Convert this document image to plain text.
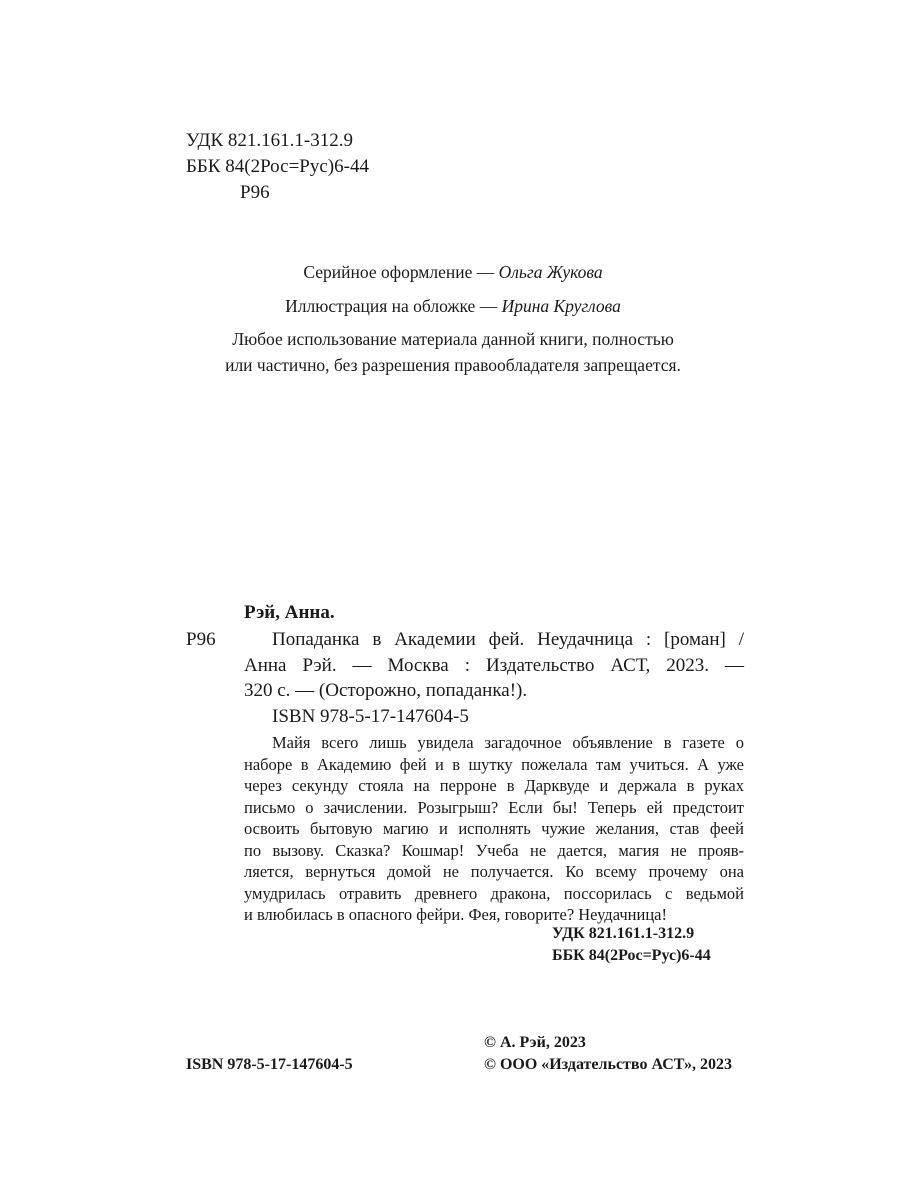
УДК 821.161.1-312.9
ББК 84(2Рос=Рус)6-44
Р96
Серийное оформление — Ольга Жукова
Иллюстрация на обложке — Ирина Круглова
Любое использование материала данной книги, полностью
или частично, без разрешения правообладателя запрещается.
Рэй, Анна.
Р96	Попаданка в Академии фей. Неудачница : [роман] /
Анна Рэй. — Москва : Издательство АСТ, 2023. —
320 с. — (Осторожно, попаданка!).
ISBN 978-5-17-147604-5
Майя всего лишь увидела загадочное объявление в газете о
наборе в Академию фей и в шутку пожелала там учиться. А уже
через секунду стояла на перроне в Дарквуде и держала в руках
письмо о зачислении. Розыгрыш? Если бы! Теперь ей предстоит
освоить бытовую магию и исполнять чужие желания, став феей
по вызову. Сказка? Кошмар! Учеба не дается, магия не прояв-
ляется, вернуться домой не получается. Ко всему прочему она
умудрилась отравить древнего дракона, поссорилась с ведьмой
и влюбилась в опасного фейри. Фея, говорите? Неудачница!
УДК 821.161.1-312.9
ББК 84(2Рос=Рус)6-44
© А. Рэй, 2023
ISBN 978-5-17-147604-5	© ООО «Издательство АСТ», 2023
